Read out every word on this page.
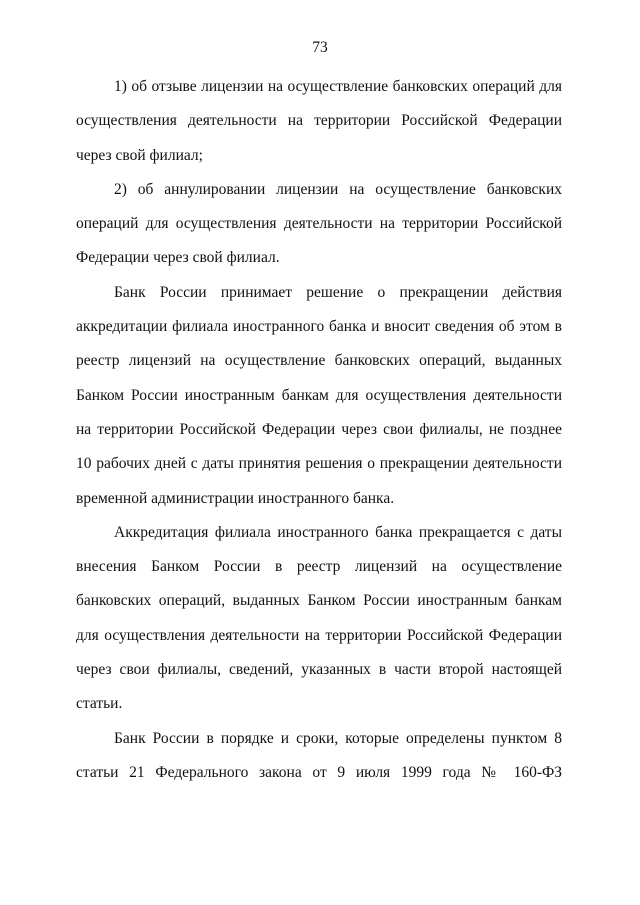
73

1) об отзыве лицензии на осуществление банковских операций для осуществления деятельности на территории Российской Федерации через свой филиал;

2) об аннулировании лицензии на осуществление банковских операций для осуществления деятельности на территории Российской Федерации через свой филиал.

Банк России принимает решение о прекращении действия аккредитации филиала иностранного банка и вносит сведения об этом в реестр лицензий на осуществление банковских операций, выданных Банком России иностранным банкам для осуществления деятельности на территории Российской Федерации через свои филиалы, не позднее 10 рабочих дней с даты принятия решения о прекращении деятельности временной администрации иностранного банка.

Аккредитация филиала иностранного банка прекращается с даты внесения Банком России в реестр лицензий на осуществление банковских операций, выданных Банком России иностранным банкам для осуществления деятельности на территории Российской Федерации через свои филиалы, сведений, указанных в части второй настоящей статьи.

Банк России в порядке и сроки, которые определены пунктом 8 статьи 21 Федерального закона от 9 июля 1999 года № 160-ФЗ
